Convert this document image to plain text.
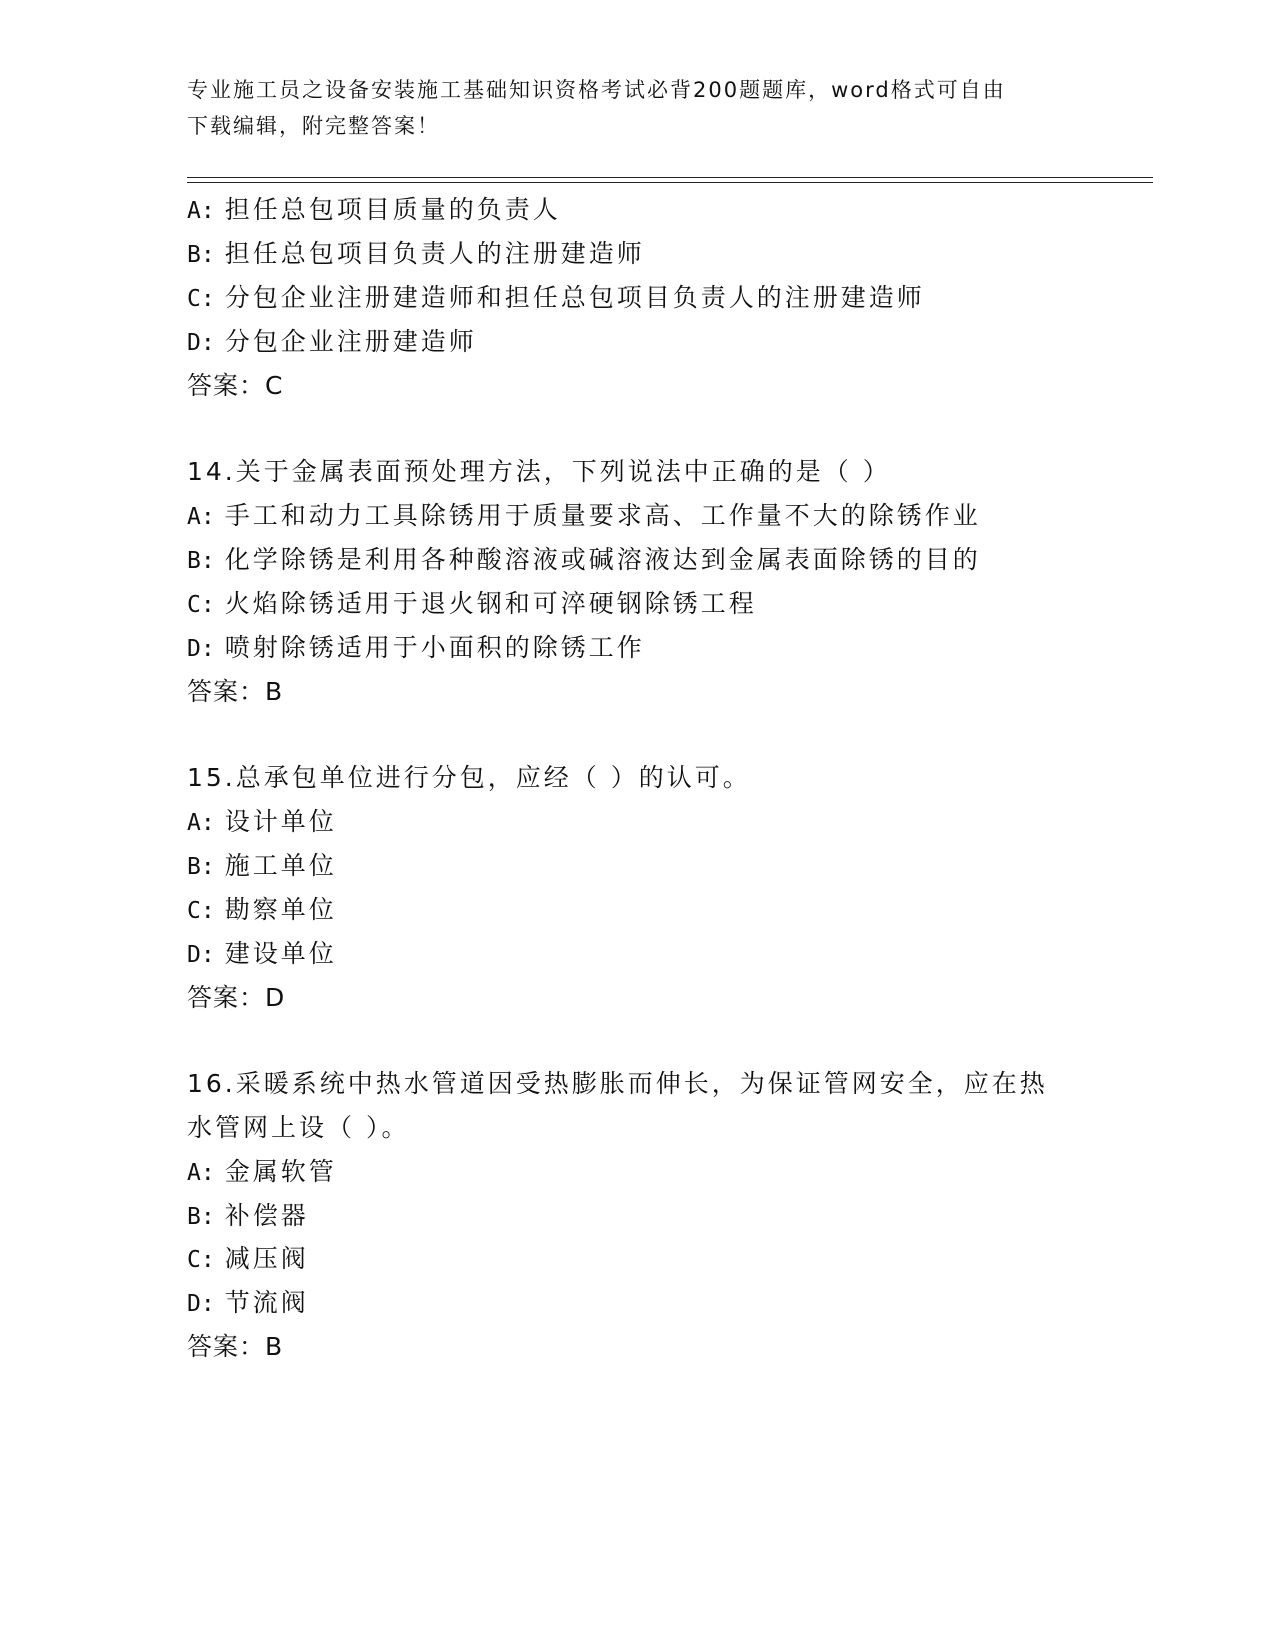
专业施工员之设备安装施工基础知识资格考试必背200题题库，word格式可自由
下载编辑，附完整答案！
A: 担任总包项目质量的负责人
B: 担任总包项目负责人的注册建造师
C: 分包企业注册建造师和担任总包项目负责人的注册建造师
D: 分包企业注册建造师
答案：C
14.关于金属表面预处理方法，下列说法中正确的是（ ）
A: 手工和动力工具除锈用于质量要求高、工作量不大的除锈作业
B: 化学除锈是利用各种酸溶液或碱溶液达到金属表面除锈的目的
C: 火焰除锈适用于退火钢和可淬硬钢除锈工程
D: 喷射除锈适用于小面积的除锈工作
答案：B
15.总承包单位进行分包，应经（ ）的认可。
A: 设计单位
B: 施工单位
C: 勘察单位
D: 建设单位
答案：D
16.采暖系统中热水管道因受热膨胀而伸长，为保证管网安全，应在热
水管网上设（ ）。
A: 金属软管
B: 补偿器
C: 减压阀
D: 节流阀
答案：B
